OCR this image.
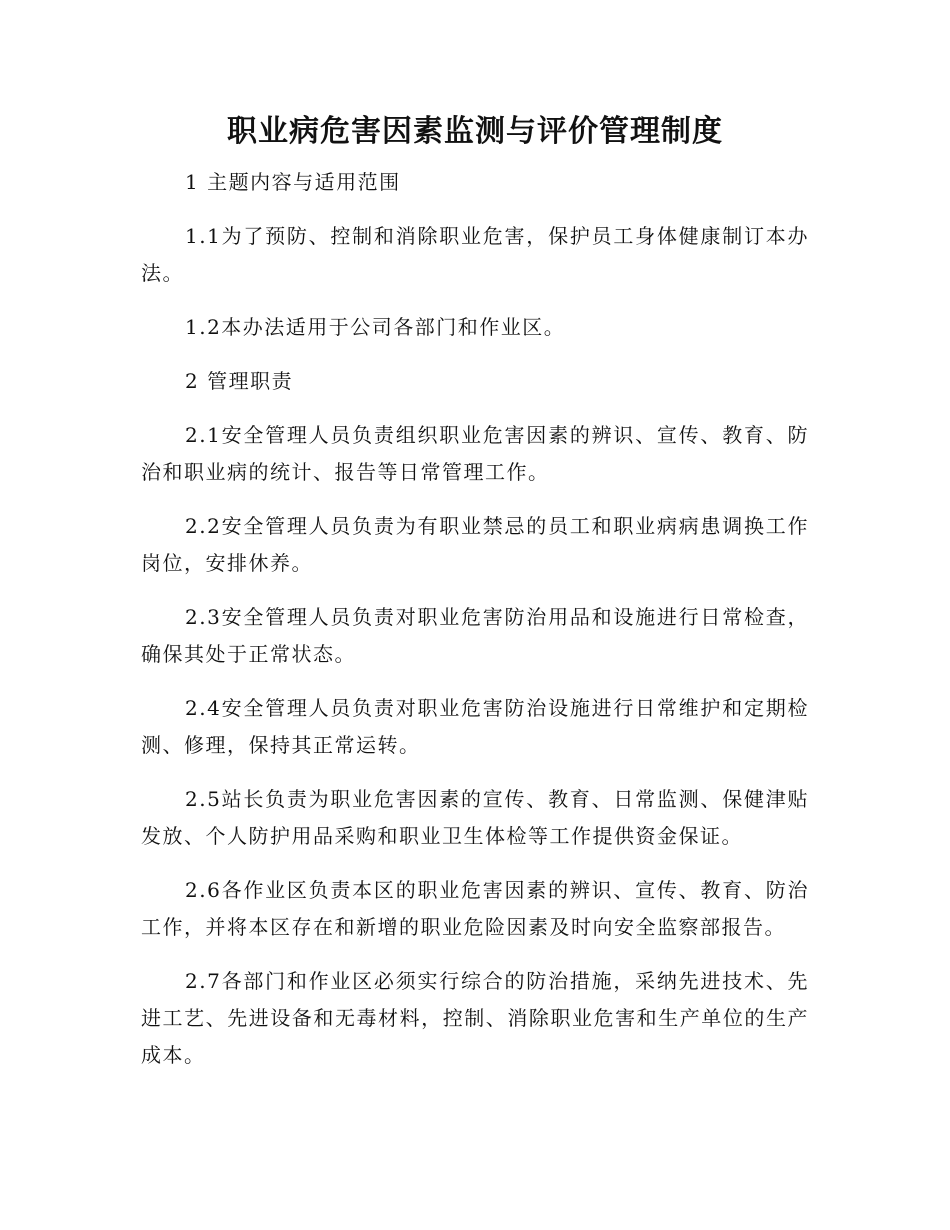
职业病危害因素监测与评价管理制度

1 主题内容与适用范围

1.1为了预防、控制和消除职业危害，保护员工身体健康制订本办法。

1.2本办法适用于公司各部门和作业区。

2 管理职责

2.1安全管理人员负责组织职业危害因素的辨识、宣传、教育、防治和职业病的统计、报告等日常管理工作。

2.2安全管理人员负责为有职业禁忌的员工和职业病病患调换工作岗位，安排休养。

2.3安全管理人员负责对职业危害防治用品和设施进行日常检查，确保其处于正常状态。

2.4安全管理人员负责对职业危害防治设施进行日常维护和定期检测、修理，保持其正常运转。

2.5站长负责为职业危害因素的宣传、教育、日常监测、保健津贴发放、个人防护用品采购和职业卫生体检等工作提供资金保证。

2.6各作业区负责本区的职业危害因素的辨识、宣传、教育、防治工作，并将本区存在和新增的职业危险因素及时向安全监察部报告。

2.7各部门和作业区必须实行综合的防治措施，采纳先进技术、先进工艺、先进设备和无毒材料，控制、消除职业危害和生产单位的生产成本。
